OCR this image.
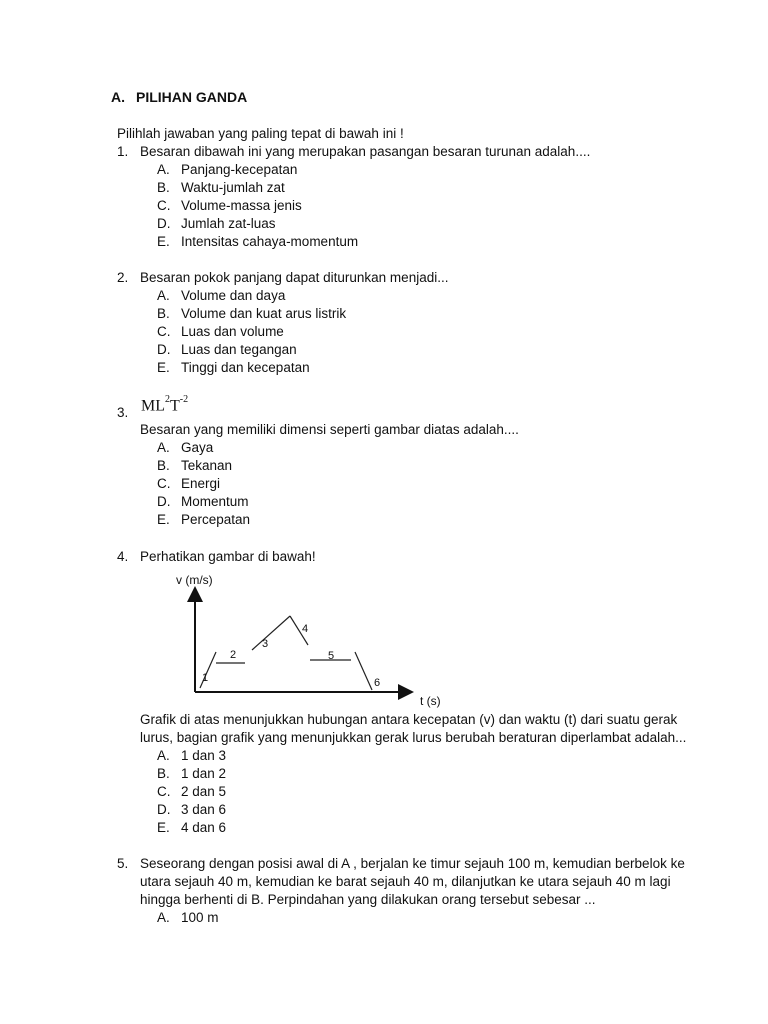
A. PILIHAN GANDA
Pilihlah jawaban yang paling tepat di bawah ini !
1. Besaran dibawah ini yang merupakan pasangan besaran turunan adalah....
A. Panjang-kecepatan
B. Waktu-jumlah zat
C. Volume-massa jenis
D. Jumlah zat-luas
E. Intensitas cahaya-momentum
2. Besaran pokok panjang dapat diturunkan menjadi...
A. Volume dan daya
B. Volume dan kuat arus listrik
C. Luas dan volume
D. Luas dan tegangan
E. Tinggi dan kecepatan
$ML^2T^{-2}$
3.
Besaran yang memiliki dimensi seperti gambar diatas adalah....
A. Gaya
B. Tekanan
C. Energi
D. Momentum
E. Percepatan
4. Perhatikan gambar di bawah!
v (m/s)
t (s)
1
2
3
4
5
6
Grafik di atas menunjukkan hubungan antara kecepatan (v) dan waktu (t) dari suatu gerak
lurus, bagian grafik yang menunjukkan gerak lurus berubah beraturan diperlambat adalah...
A. 1 dan 3
B. 1 dan 2
C. 2 dan 5
D. 3 dan 6
E. 4 dan 6
5. Seseorang dengan posisi awal di A , berjalan ke timur sejauh 100 m, kemudian berbelok ke
utara sejauh 40 m, kemudian ke barat sejauh 40 m, dilanjutkan ke utara sejauh 40 m lagi
hingga berhenti di B. Perpindahan yang dilakukan orang tersebut sebesar ...
A. 100 m
